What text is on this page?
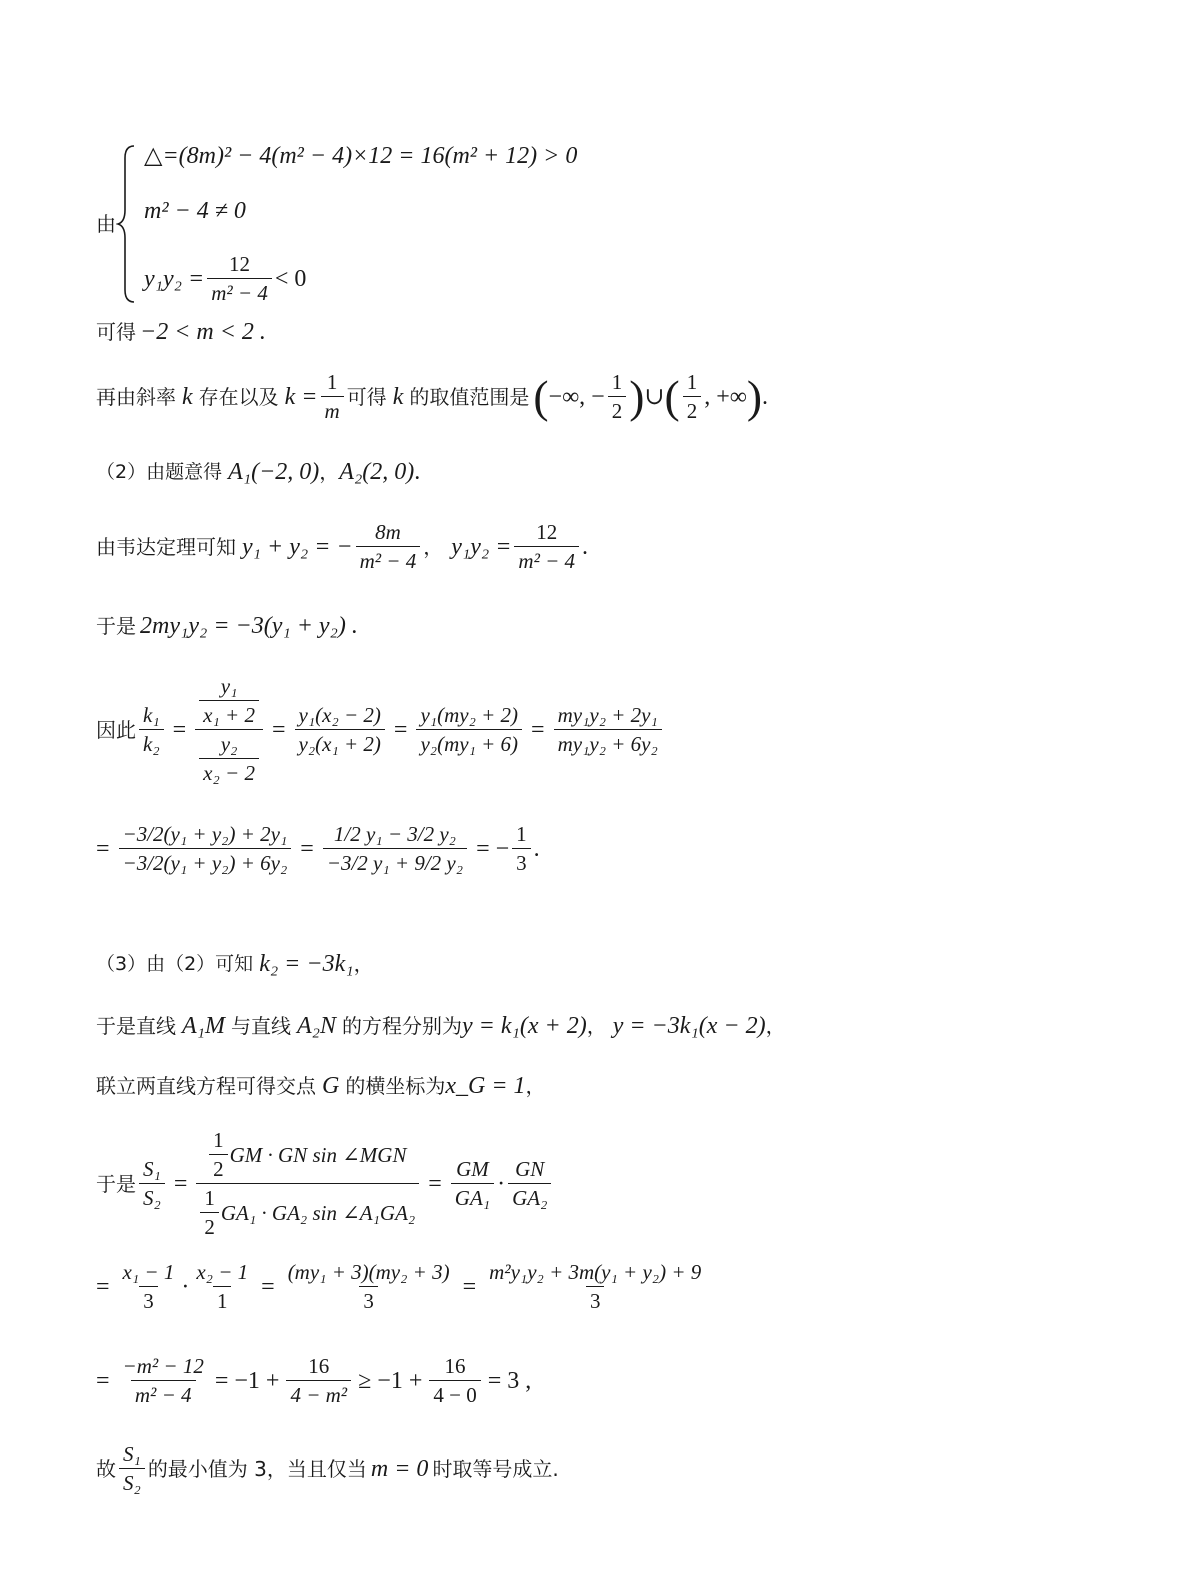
由
△=(8m)² − 4(m² − 4)×12 = 16(m² + 12) > 0
m² − 4 ≠ 0
$y_1y_2 = \frac{12}{\text{m² − 4}} < 0$
可得 −2 < m < 2 .
再由斜率 k 存在以及 $k = \frac{1}{m}$ 可得 k 的取值范围是 ( −∞, − $\frac{1}{2}$ ) ∪ ( $\frac{1}{2}$ , +∞ ) .
（2）由题意得 A₁(−2, 0) ， A₂(2, 0) .
由韦达定理可知 y₁ + y₂ = − $\frac{8m}{\text{m² − 4}}$ ， $y_1y_2 = \frac{12}{\text{m² − 4}}$ .
于是 2my₁y₂ = −3(y₁ + y₂) .
因此 $\frac{\text{k₁}}{\text{k₂}} = \frac{\frac{\text{y₁}}{\text{x₁ + 2}}}{\frac{\text{y₂}}{\text{x₂ − 2}}} = \frac{\text{y₁(x₂ − 2)}}{\text{y₂(x₁ + 2)}} = \frac{\text{y₁(my₂ + 2)}}{\text{y₂(my₁ + 6)}} = \frac{\text{my₁y₂ + 2y₁}}{\text{my₁y₂ + 6y₂}}$
= $\frac{\text{−3/2(y₁ + y₂) + 2y₁}}{\text{−3/2(y₁ + y₂) + 6y₂}} = \frac{\text{1/2 y₁ − 3/2 y₂}}{\text{−3/2 y₁ + 9/2 y₂}}$ = − $\frac{1}{3}$ .
（3）由（2）可知 k₂ = −3k₁ ，
于是直线 A₁M 与直线 A₂N 的方程分别为 y = k₁(x + 2) ， y = −3k₁(x − 2) ，
联立两直线方程可得交点 G 的横坐标为 x_G = 1 ，
于是 $\frac{\text{S₁}}{\text{S₂}} = \frac{\frac{1}{2} GM \cdot GN \sin \angle MGN}{\frac{1}{2} GA_1 \cdot GA_2 \sin \angle A_1GA_2} = \frac{GM}{\text{GA₁}} \cdot \frac{GN}{\text{GA₂}}$
= $\frac{\text{x₁ − 1}}{3} \cdot \frac{\text{x₂ − 1}}{1} = \frac{\text{(my₁ + 3)(my₂ + 3)}}{3} = \frac{\text{m²y₁y₂ + 3m(y₁ + y₂) + 9}}{3}$
= $\frac{\text{−m² − 12}}{\text{m² − 4}} = -1 + \frac{16}{\text{4 − m²}} \ge -1 + \frac{16}{4 - 0} = 3$ ,
故 $\frac{\text{S₁}}{\text{S₂}}$ 的最小值为 3，当且仅当 m = 0 时取等号成立.
